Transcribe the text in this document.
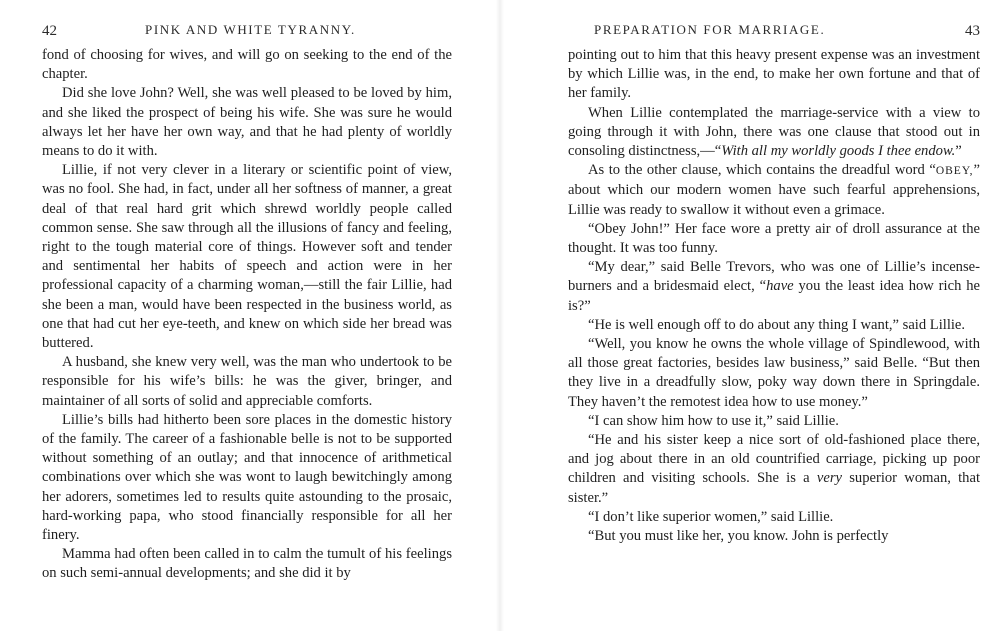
42	PINK AND WHITE TYRANNY.

fond of choosing for wives, and will go on seeking to the end of the chapter.

Did she love John? Well, she was well pleased to be loved by him, and she liked the prospect of being his wife. She was sure he would always let her have her own way, and that he had plenty of worldly means to do it with.

Lillie, if not very clever in a literary or scientific point of view, was no fool. She had, in fact, under all her softness of manner, a great deal of that real hard grit which shrewd worldly people called common sense. She saw through all the illusions of fancy and feeling, right to the tough material core of things. However soft and tender and sentimental her habits of speech and action were in her professional capacity of a charming woman,—still the fair Lillie, had she been a man, would have been respected in the business world, as one that had cut her eye-teeth, and knew on which side her bread was buttered.

A husband, she knew very well, was the man who undertook to be responsible for his wife’s bills: he was the giver, bringer, and maintainer of all sorts of solid and appreciable comforts.

Lillie’s bills had hitherto been sore places in the domestic history of the family. The career of a fashionable belle is not to be supported without something of an outlay; and that innocence of arithmetical combinations over which she was wont to laugh bewitchingly among her adorers, sometimes led to results quite astounding to the prosaic, hard-working papa, who stood financially responsible for all her finery.

Mamma had often been called in to calm the tumult of his feelings on such semi-annual developments; and she did it by

PREPARATION FOR MARRIAGE.	43

pointing out to him that this heavy present expense was an investment by which Lillie was, in the end, to make her own fortune and that of her family.

When Lillie contemplated the marriage-service with a view to going through it with John, there was one clause that stood out in consoling distinctness,—“With all my worldly goods I thee endow.”

As to the other clause, which contains the dreadful word “OBEY,” about which our modern women have such fearful apprehensions, Lillie was ready to swallow it without even a grimace.

“Obey John!” Her face wore a pretty air of droll assurance at the thought. It was too funny.

“My dear,” said Belle Trevors, who was one of Lillie’s incense-burners and a bridesmaid elect, “have you the least idea how rich he is?”

“He is well enough off to do about any thing I want,” said Lillie.

“Well, you know he owns the whole village of Spindlewood, with all those great factories, besides law business,” said Belle. “But then they live in a dreadfully slow, poky way down there in Springdale. They haven’t the remotest idea how to use money.”

“I can show him how to use it,” said Lillie.

“He and his sister keep a nice sort of old-fashioned place there, and jog about there in an old countrified carriage, picking up poor children and visiting schools. She is a very superior woman, that sister.”

“I don’t like superior women,” said Lillie.

“But you must like her, you know. John is perfectly
